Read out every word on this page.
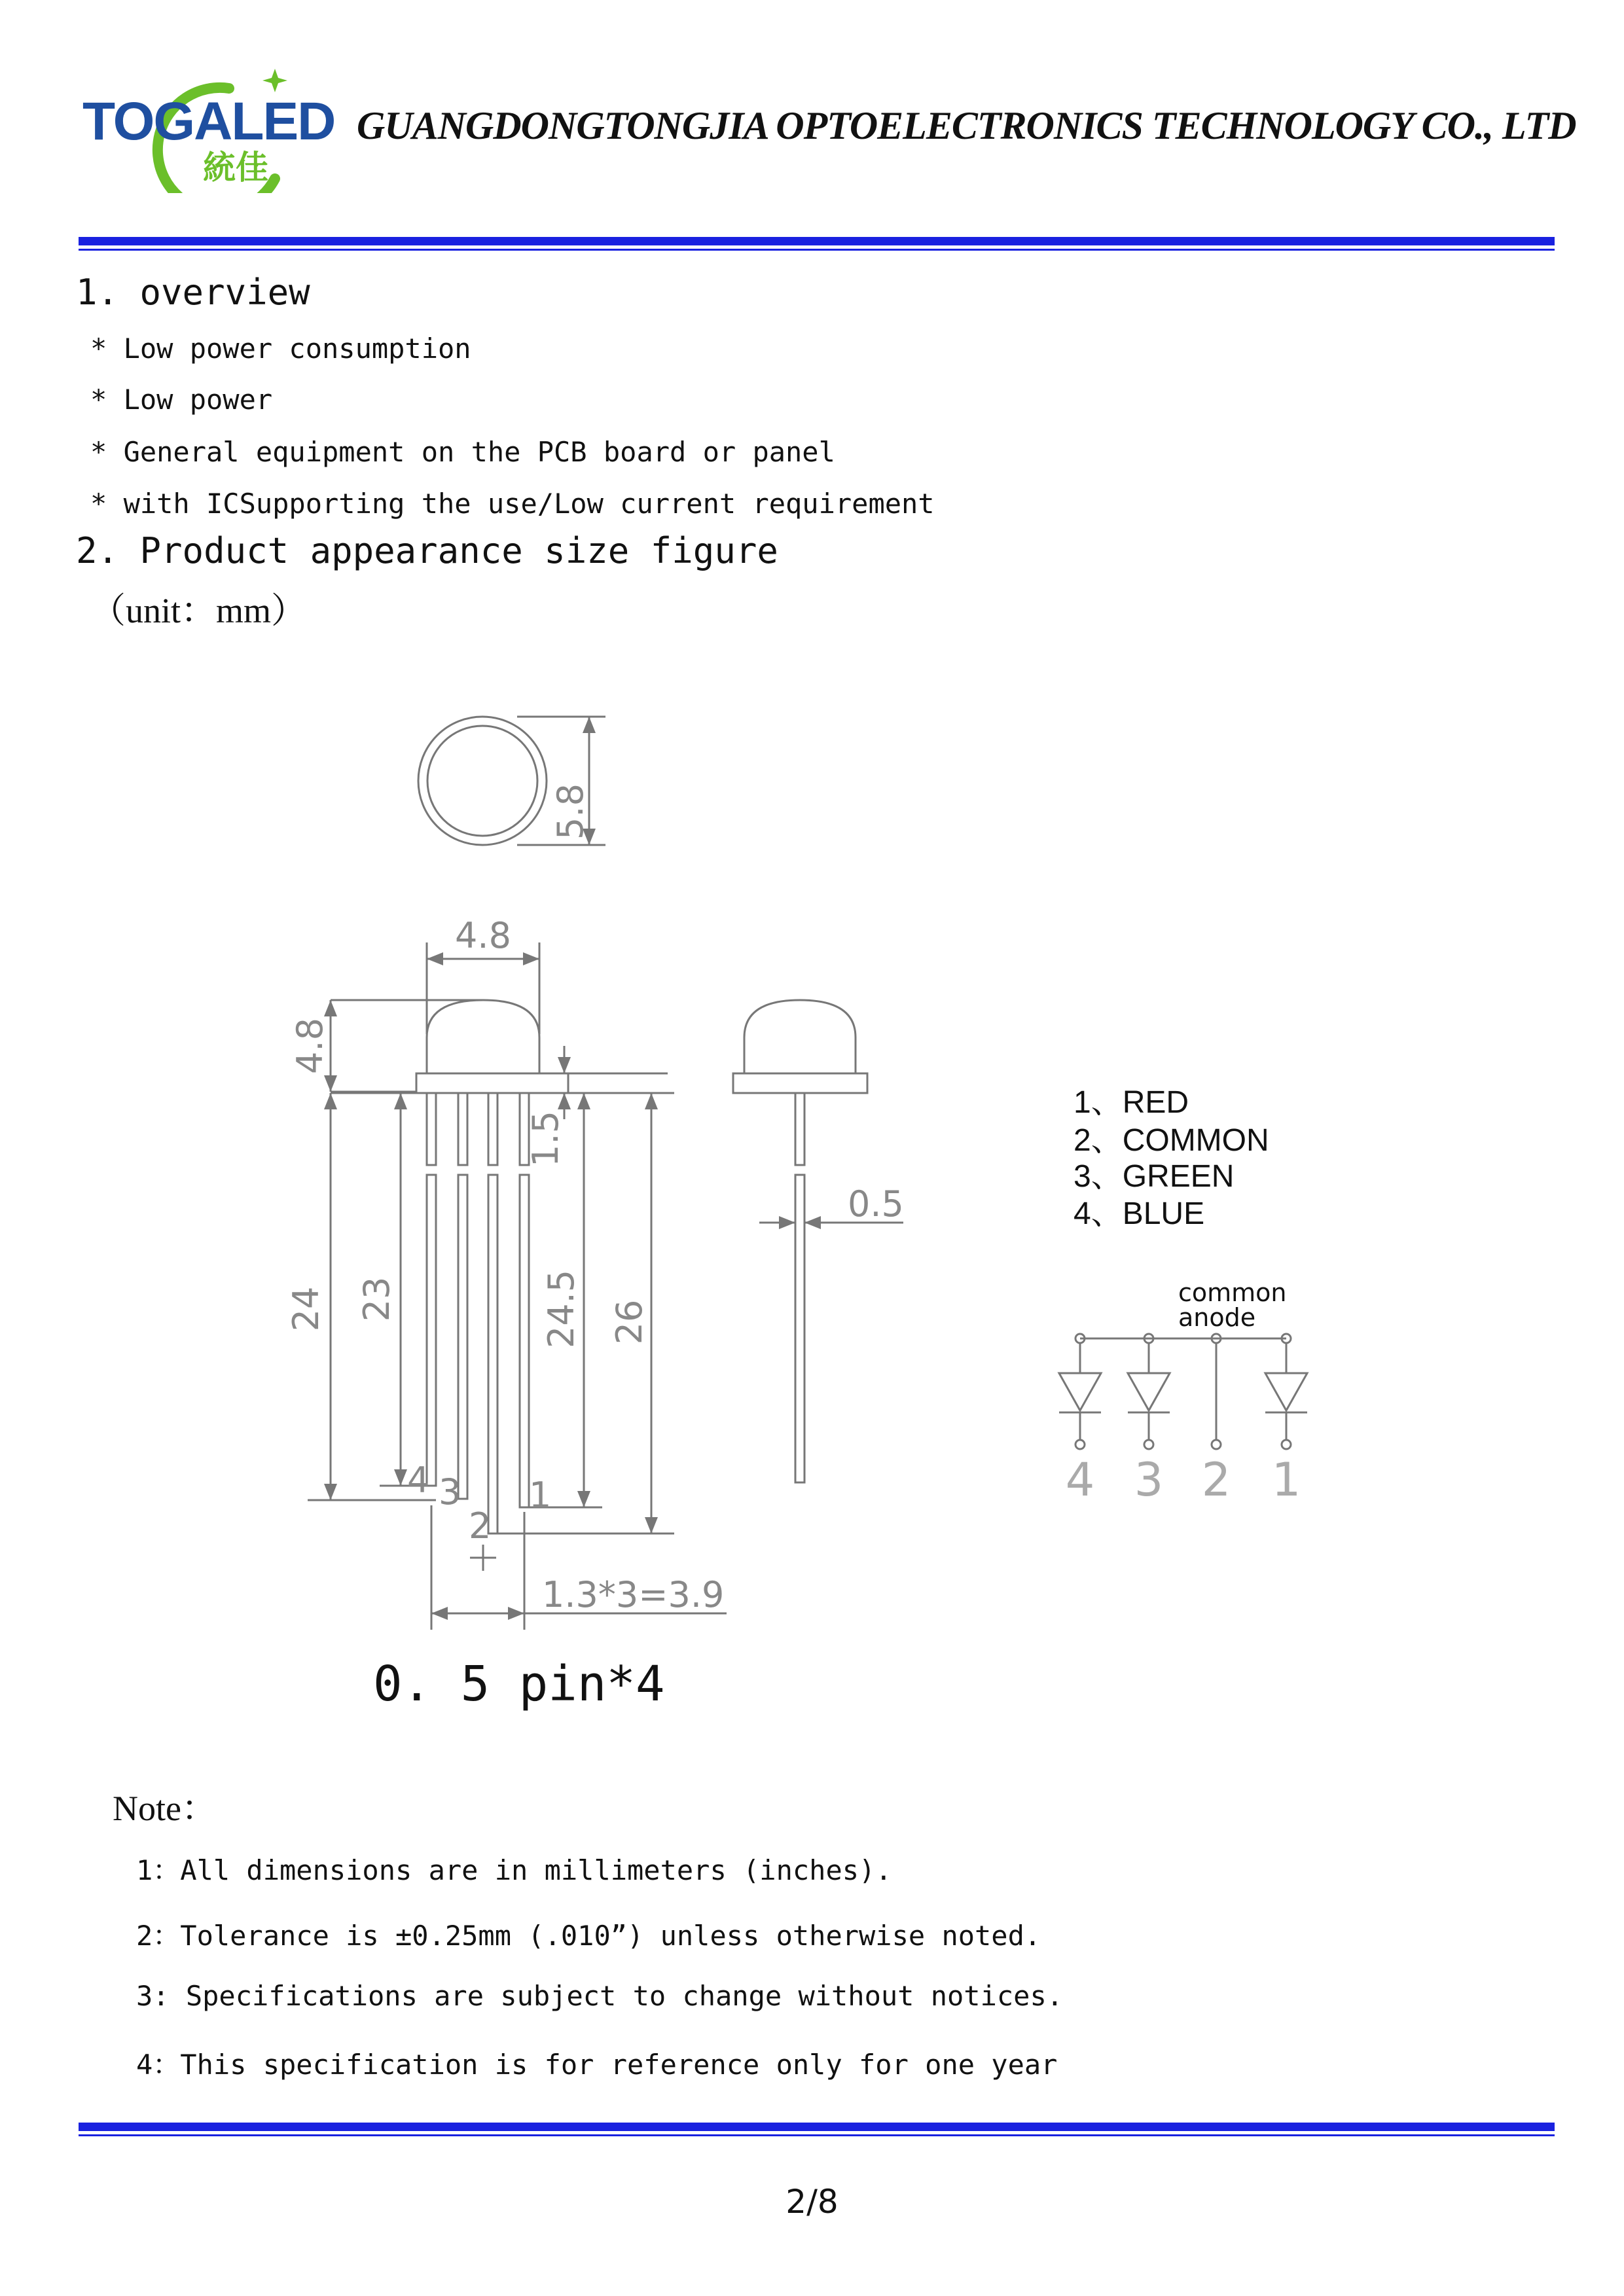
TOGALED
統佳
GUANGDONGTONGJIA OPTOELECTRONICS TECHNOLOGY CO., LTD
1. overview
* Low power consumption
* Low power
* General equipment on the PCB board or panel
* with ICSupporting the use/Low current requirement
2. Product appearance size figure
（unit：mm）
5.8
4.8
4.8
1.5
24 23	24.5 26
0.5
1.3*3=3.9
4 3
2
1
+
1、RED
2、COMMON
3、GREEN
4、BLUE
common
anode
4 3 2 1
0. 5 pin*4
Note：
1：All dimensions are in millimeters (inches).
2：Tolerance is ±0.25mm (.010”) unless otherwise noted.
3: Specifications are subject to change without notices.
4：This specification is for reference only for one year
2/8
